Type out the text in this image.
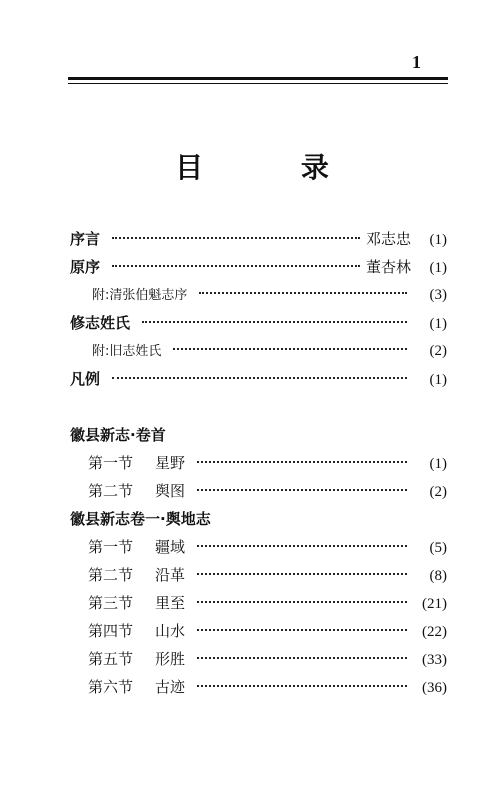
1
目 录
序言	邓志忠	(1)
原序	董杏林	(1)
附:清张伯魁志序	(3)
修志姓氏	(1)
附:旧志姓氏	(2)
凡例	(1)
徽县新志·卷首
第一节 星野	(1)
第二节 舆图	(2)
徽县新志卷一·舆地志
第一节 疆域	(5)
第二节 沿革	(8)
第三节 里至	(21)
第四节 山水	(22)
第五节 形胜	(33)
第六节 古迹	(36)
